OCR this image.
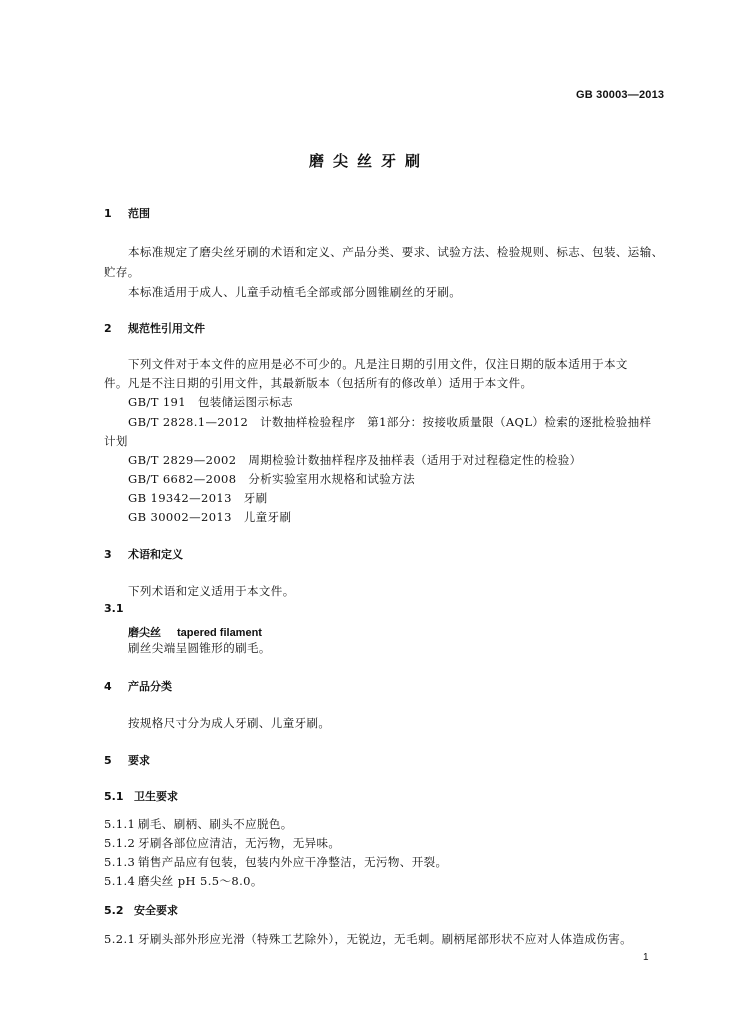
GB 30003—2013
磨尖丝牙刷
1 范围
本标准规定了磨尖丝牙刷的术语和定义、产品分类、要求、试验方法、检验规则、标志、包装、运输、
贮存。
本标准适用于成人、儿童手动植毛全部或部分圆锥刷丝的牙刷。
2 规范性引用文件
下列文件对于本文件的应用是必不可少的。凡是注日期的引用文件，仅注日期的版本适用于本文
件。凡是不注日期的引用文件，其最新版本（包括所有的修改单）适用于本文件。
GB/T 191　包装储运图示标志
GB/T 2828.1—2012　计数抽样检验程序　第1部分：按接收质量限（AQL）检索的逐批检验抽样
计划
GB/T 2829—2002　周期检验计数抽样程序及抽样表（适用于对过程稳定性的检验）
GB/T 6682—2008　分析实验室用水规格和试验方法
GB 19342—2013　牙刷
GB 30002—2013　儿童牙刷
3 术语和定义
下列术语和定义适用于本文件。
3.1
磨尖丝 tapered filament
刷丝尖端呈圆锥形的刷毛。
4 产品分类
按规格尺寸分为成人牙刷、儿童牙刷。
5 要求
5.1 卫生要求
5.1.1 刷毛、刷柄、刷头不应脱色。
5.1.2 牙刷各部位应清洁，无污物，无异味。
5.1.3 销售产品应有包装，包装内外应干净整洁，无污物、开裂。
5.1.4 磨尖丝 pH 5.5～8.0。
5.2 安全要求
5.2.1 牙刷头部外形应光滑（特殊工艺除外），无锐边，无毛刺。刷柄尾部形状不应对人体造成伤害。
1
